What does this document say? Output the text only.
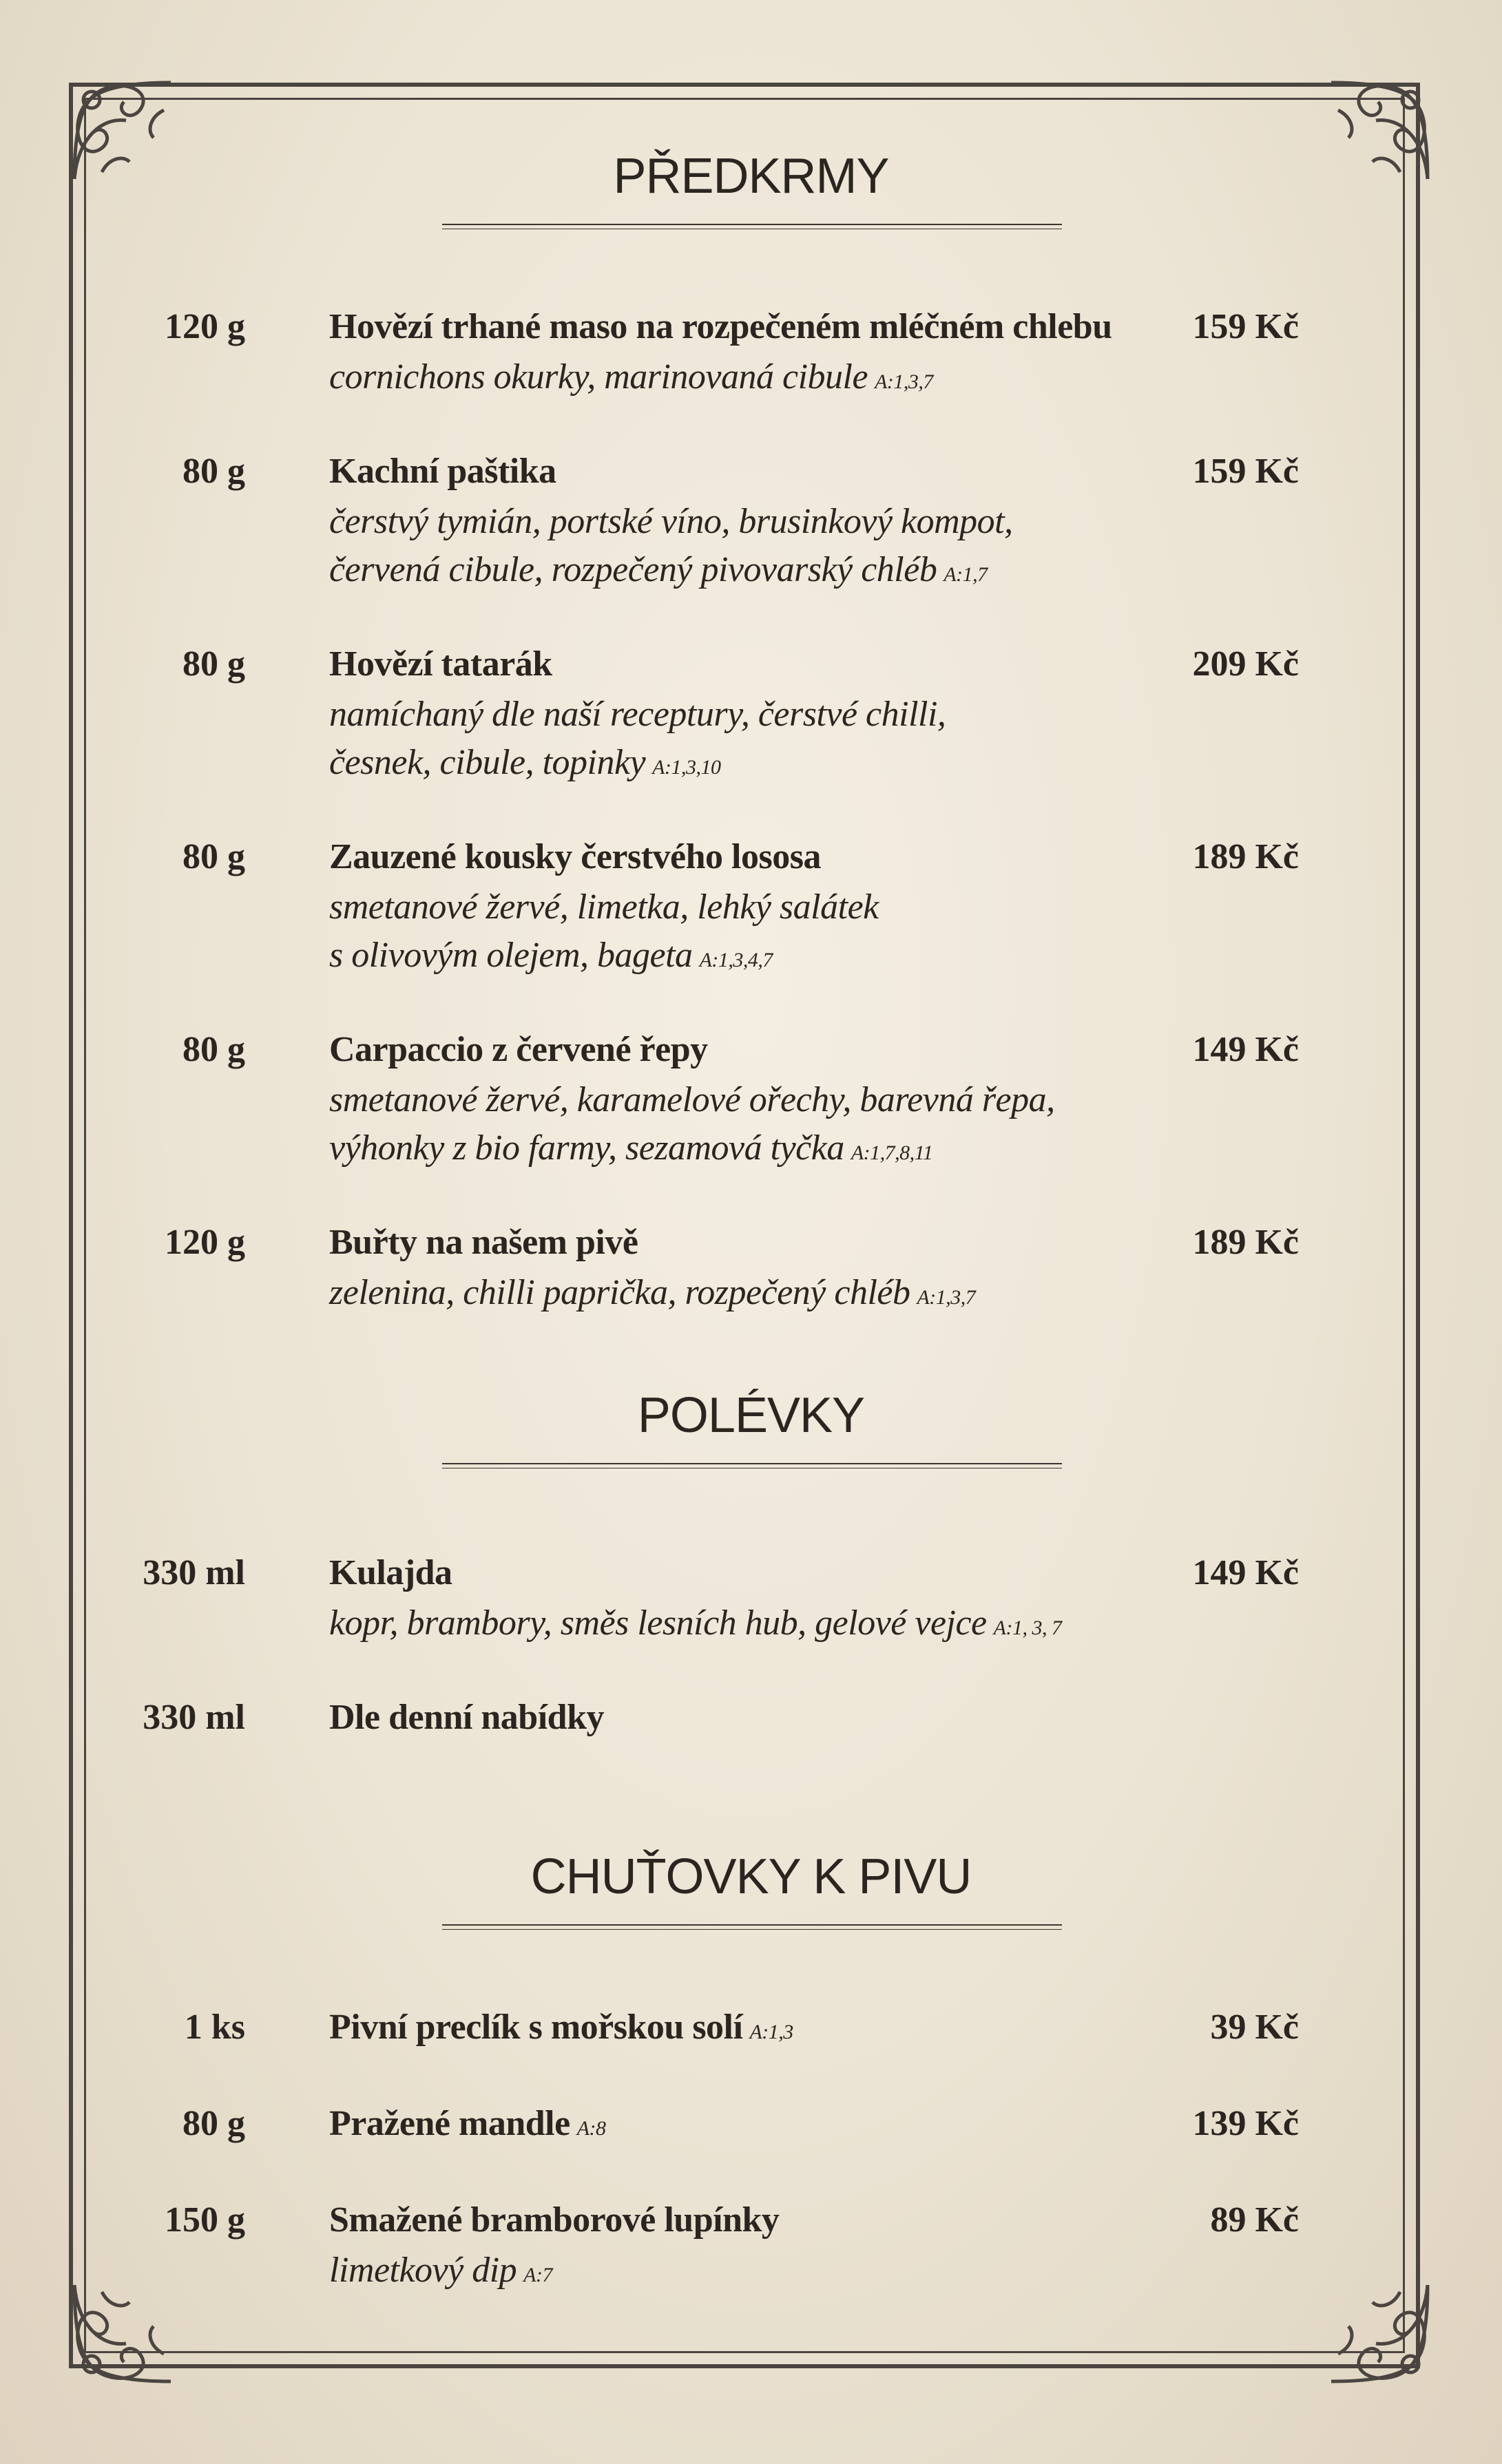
PŘEDKRMY
120 g Hovězí trhané maso na rozpečeném mléčném chlebu 159 Kč
cornichons okurky, marinovaná cibule A:1,3,7
80 g Kachní paštika	159 Kč
čerstvý tymián, portské víno, brusinkový kompot,
červená cibule, rozpečený pivovarský chléb A:1,7
80 g Hovězí tatarák	209 Kč
namíchaný dle naší receptury, čerstvé chilli,
česnek, cibule, topinky A:1,3,10
80 g Zauzené kousky čerstvého lososa	189 Kč
smetanové žervé, limetka, lehký salátek
s olivovým olejem, bageta A:1,3,4,7
80 g Carpaccio z červené řepy	149 Kč
smetanové žervé, karamelové ořechy, barevná řepa,
výhonky z bio farmy, sezamová tyčka A:1,7,8,11
120 g Buřty na našem pivě	189 Kč
zelenina, chilli paprička, rozpečený chléb A:1,3,7
POLÉVKY
330 ml Kulajda	149 Kč
kopr, brambory, směs lesních hub, gelové vejce A:1, 3, 7
330 ml Dle denní nabídky
CHUŤOVKY K PIVU
1 ks Pivní preclík s mořskou solí A:1,3	39 Kč
80 g Pražené mandle A:8	139 Kč
150 g Smažené bramborové lupínky	89 Kč
limetkový dip A:7
